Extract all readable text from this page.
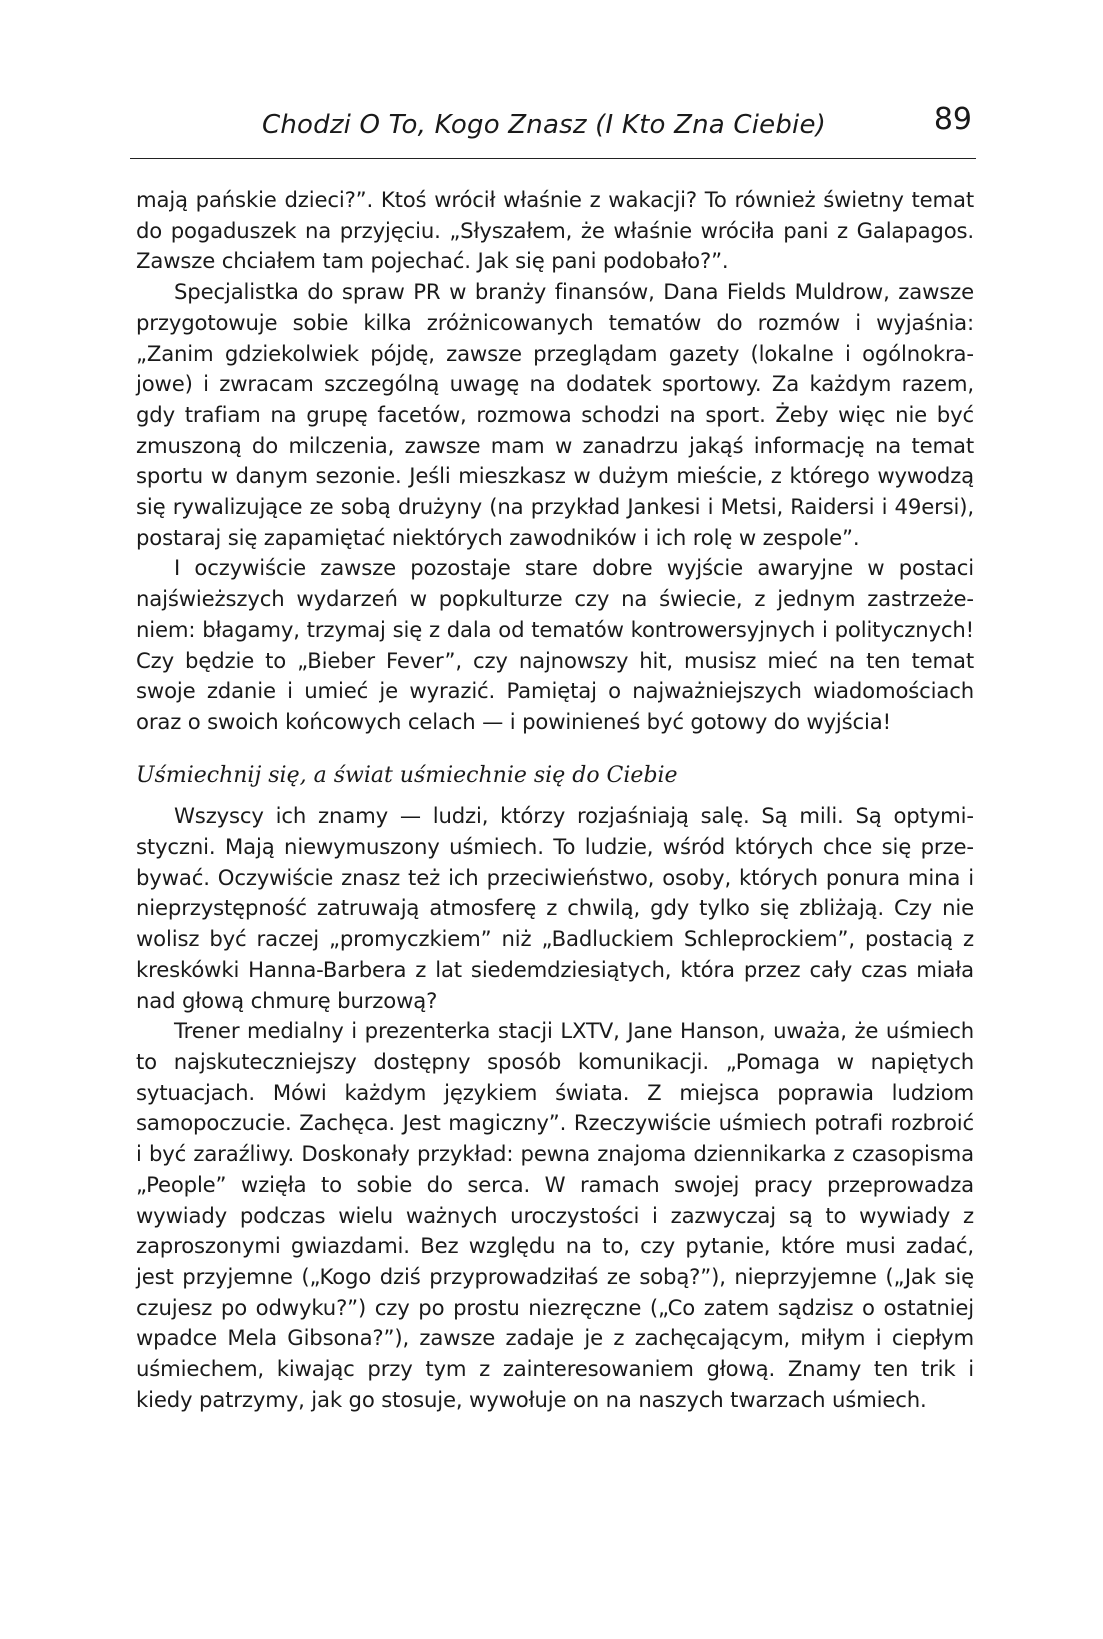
Chodzi O To, Kogo Znasz (I Kto Zna Ciebie)	89

mają pańskie dzieci?”. Ktoś wrócił właśnie z wakacji? To również świetny temat do pogaduszek na przyjęciu. „Słyszałem, że właśnie wróciła pani z Galapagos. Zawsze chciałem tam pojechać. Jak się pani podobało?”.

Specjalistka do spraw PR w branży finansów, Dana Fields Muldrow, zawsze przygotowuje sobie kilka zróżnicowanych tematów do rozmów i wyjaśnia: „Zanim gdziekolwiek pójdę, zawsze przeglądam gazety (lokalne i ogólnokrajowe) i zwracam szczególną uwagę na dodatek sportowy. Za każdym razem, gdy trafiam na grupę facetów, rozmowa schodzi na sport. Żeby więc nie być zmuszoną do milczenia, zawsze mam w zanadrzu jakąś informację na temat sportu w danym sezonie. Jeśli mieszkasz w dużym mieście, z którego wywodzą się rywalizujące ze sobą drużyny (na przykład Jankesi i Metsi, Raidersi i 49ersi), postaraj się zapamiętać niektórych zawodników i ich rolę w zespole”.

I oczywiście zawsze pozostaje stare dobre wyjście awaryjne w postaci najświeższych wydarzeń w popkulturze czy na świecie, z jednym zastrzeżeniem: błagamy, trzymaj się z dala od tematów kontrowersyjnych i politycznych! Czy będzie to „Bieber Fever”, czy najnowszy hit, musisz mieć na ten temat swoje zdanie i umieć je wyrazić. Pamiętaj o najważniejszych wiadomościach oraz o swoich końcowych celach — i powinieneś być gotowy do wyjścia!

Uśmiechnij się, a świat uśmiechnie się do Ciebie

Wszyscy ich znamy — ludzi, którzy rozjaśniają salę. Są mili. Są optymistyczni. Mają niewymuszony uśmiech. To ludzie, wśród których chce się przebywać. Oczywiście znasz też ich przeciwieństwo, osoby, których ponura mina i nieprzystępność zatruwają atmosferę z chwilą, gdy tylko się zbliżają. Czy nie wolisz być raczej „promyczkiem” niż „Badluckiem Schleprockiem”, postacią z kreskówki Hanna-Barbera z lat siedemdziesiątych, która przez cały czas miała nad głową chmurę burzową?

Trener medialny i prezenterka stacji LXTV, Jane Hanson, uważa, że uśmiech to najskuteczniejszy dostępny sposób komunikacji. „Pomaga w napiętych sytuacjach. Mówi każdym językiem świata. Z miejsca poprawia ludziom samopoczucie. Zachęca. Jest magiczny”. Rzeczywiście uśmiech potrafi rozbroić i być zaraźliwy. Doskonały przykład: pewna znajoma dziennikarka z czasopisma „People” wzięła to sobie do serca. W ramach swojej pracy przeprowadza wywiady podczas wielu ważnych uroczystości i zazwyczaj są to wywiady z zaproszonymi gwiazdami. Bez względu na to, czy pytanie, które musi zadać, jest przyjemne („Kogo dziś przyprowadziłaś ze sobą?”), nieprzyjemne („Jak się czujesz po odwyku?”) czy po prostu niezręczne („Co zatem sądzisz o ostatniej wpadce Mela Gibsona?”), zawsze zadaje je z zachęcającym, miłym i ciepłym uśmiechem, kiwając przy tym z zainteresowaniem głową. Znamy ten trik i kiedy patrzymy, jak go stosuje, wywołuje on na naszych twarzach uśmiech.
